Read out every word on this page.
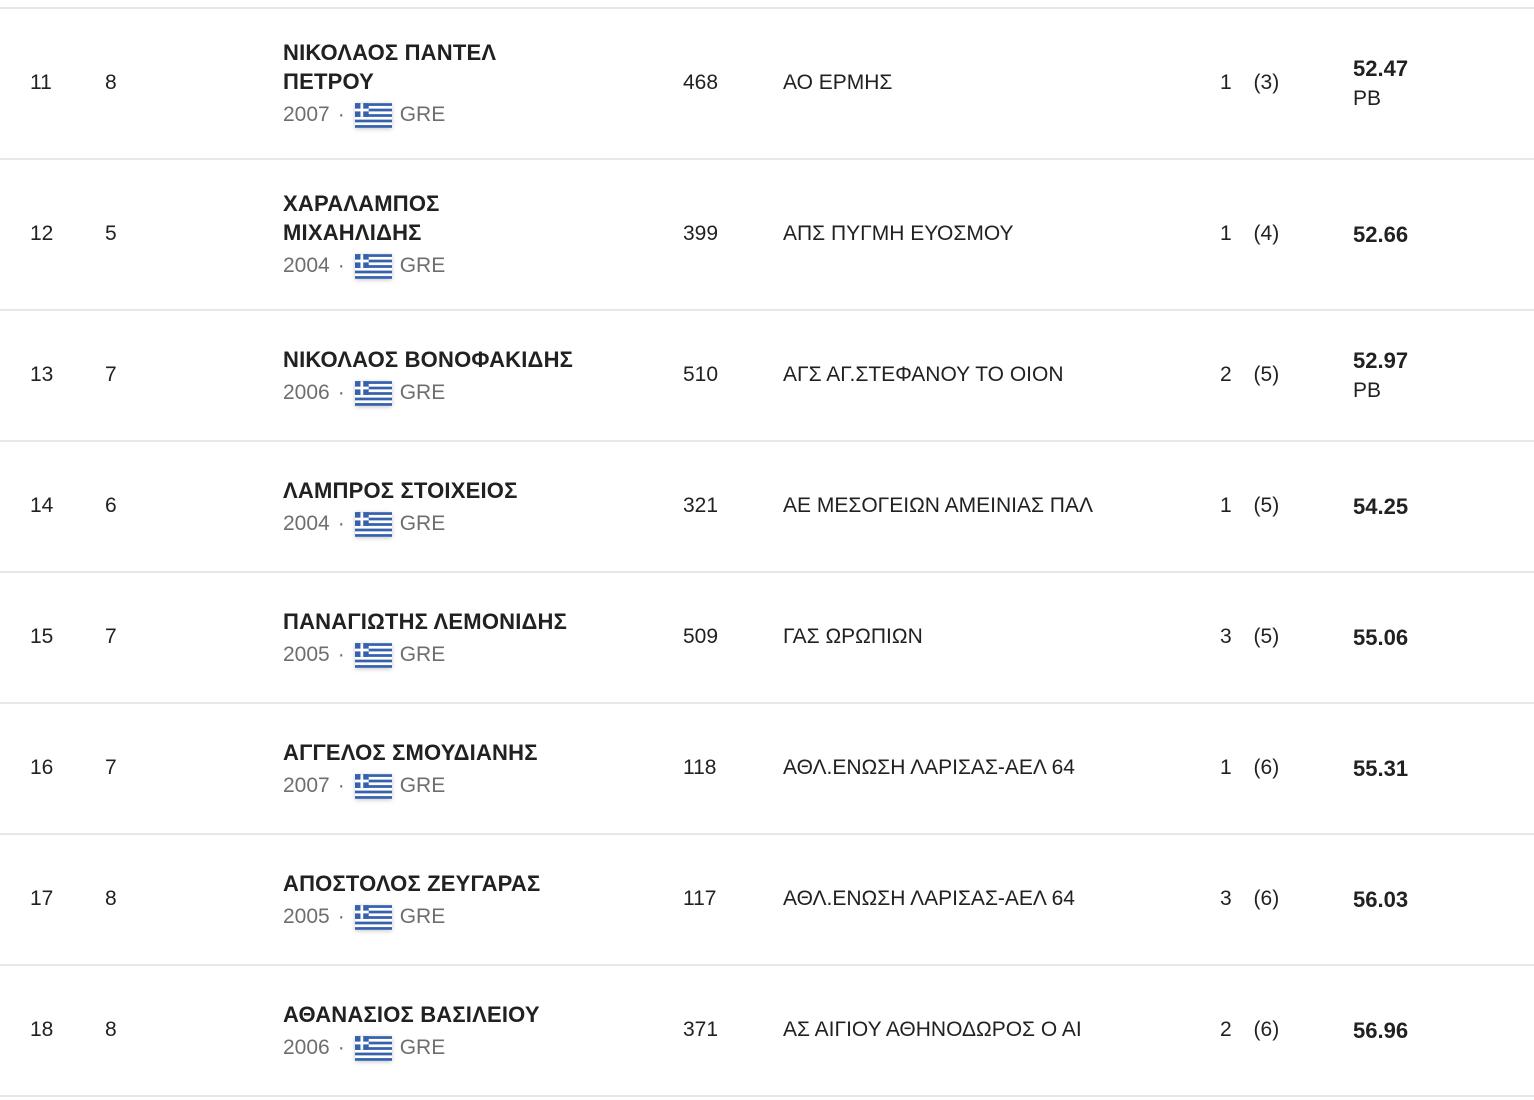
11	8
ΝΙΚΟΛΑΟΣ ΠΑΝΤΕΛ
ΠΕΤΡΟΥ
2007 ·	GRE
468	ΑΟ ΕΡΜΗΣ	1 (3)
52.47
PB
12	5
ΧΑΡΑΛΑΜΠΟΣ
ΜΙΧΑΗΛΙΔΗΣ
2004 ·	GRE
399	ΑΠΣ ΠΥΓΜΗ ΕΥΟΣΜΟΥ	1 (4)	52.66
13	7
ΝΙΚΟΛΑΟΣ ΒΟΝΟΦΑΚΙΔΗΣ
2006 ·	GRE
510	ΑΓΣ ΑΓ.ΣΤΕΦΑΝΟΥ ΤΟ ΟΙΟΝ	2 (5)
52.97
PB
14	6
ΛΑΜΠΡΟΣ ΣΤΟΙΧΕΙΟΣ
2004 ·	GRE
321	ΑΕ ΜΕΣΟΓΕΙΩΝ ΑΜΕΙΝΙΑΣ ΠΑΛ	1 (5)	54.25
15	7
ΠΑΝΑΓΙΩΤΗΣ ΛΕΜΟΝΙΔΗΣ
2005 ·	GRE
509	ΓΑΣ ΩΡΩΠΙΩΝ	3 (5)	55.06
16	7
ΑΓΓΕΛΟΣ ΣΜΟΥΔΙΑΝΗΣ
2007 ·	GRE
118	ΑΘΛ.ΕΝΩΣΗ ΛΑΡΙΣΑΣ-ΑΕΛ 64	1 (6)	55.31
17	8
ΑΠΟΣΤΟΛΟΣ ΖΕΥΓΑΡΑΣ
2005 ·	GRE
117	ΑΘΛ.ΕΝΩΣΗ ΛΑΡΙΣΑΣ-ΑΕΛ 64	3 (6)	56.03
18	8
ΑΘΑΝΑΣΙΟΣ ΒΑΣΙΛΕΙΟΥ
2006 ·	GRE
371	ΑΣ ΑΙΓΙΟΥ ΑΘΗΝΟΔΩΡΟΣ Ο ΑΙ	2 (6)	56.96
